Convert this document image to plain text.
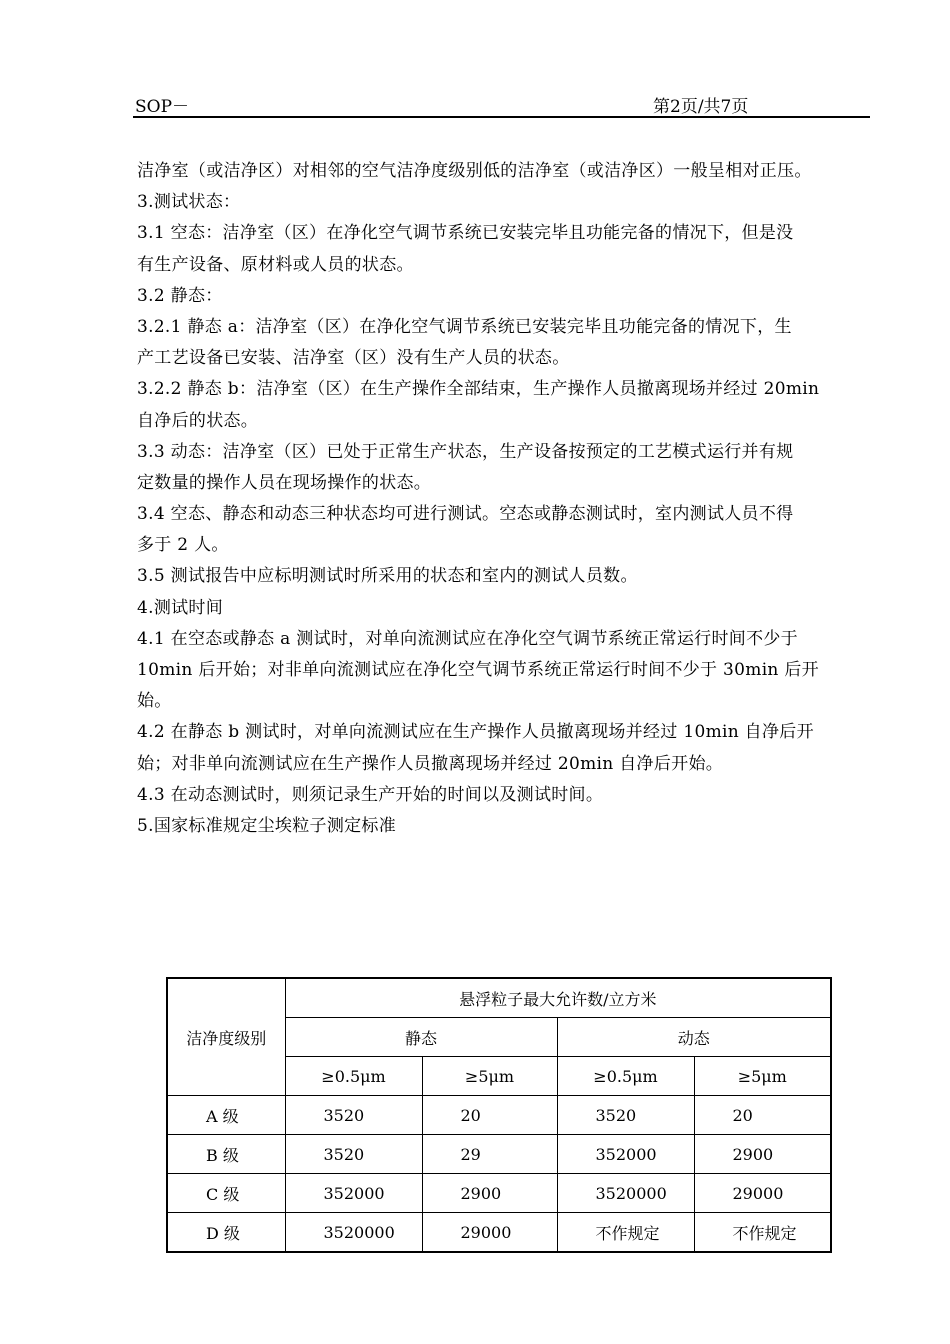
SOP－	第2页/共7页
洁净室（或洁净区）对相邻的空气洁净度级别低的洁净室（或洁净区）一般呈相对正压。
3.测试状态：
3.1 空态：洁净室（区）在净化空气调节系统已安装完毕且功能完备的情况下，但是没
有生产设备、原材料或人员的状态。
3.2 静态：
3.2.1 静态 a：洁净室（区）在净化空气调节系统已安装完毕且功能完备的情况下，生
产工艺设备已安装、洁净室（区）没有生产人员的状态。
3.2.2 静态 b：洁净室（区）在生产操作全部结束，生产操作人员撤离现场并经过 20min
自净后的状态。
3.3 动态：洁净室（区）已处于正常生产状态，生产设备按预定的工艺模式运行并有规
定数量的操作人员在现场操作的状态。
3.4 空态、静态和动态三种状态均可进行测试。空态或静态测试时，室内测试人员不得
多于 2 人。
3.5 测试报告中应标明测试时所采用的状态和室内的测试人员数。
4.测试时间
4.1 在空态或静态 a 测试时，对单向流测试应在净化空气调节系统正常运行时间不少于
10min 后开始；对非单向流测试应在净化空气调节系统正常运行时间不少于 30min 后开
始。
4.2 在静态 b 测试时，对单向流测试应在生产操作人员撤离现场并经过 10min 自净后开
始；对非单向流测试应在生产操作人员撤离现场并经过 20min 自净后开始。
4.3 在动态测试时，则须记录生产开始的时间以及测试时间。
5.国家标准规定尘埃粒子测定标准
洁净度级别	悬浮粒子最大允许数/立方米			
	静态		动态	
	≥0.5μm	≥5μm	≥0.5μm	≥5μm
A 级	3520	20	3520	20
B 级	3520	29	352000	2900
C 级	352000	2900	3520000	29000
D 级	3520000	29000	不作规定	不作规定
